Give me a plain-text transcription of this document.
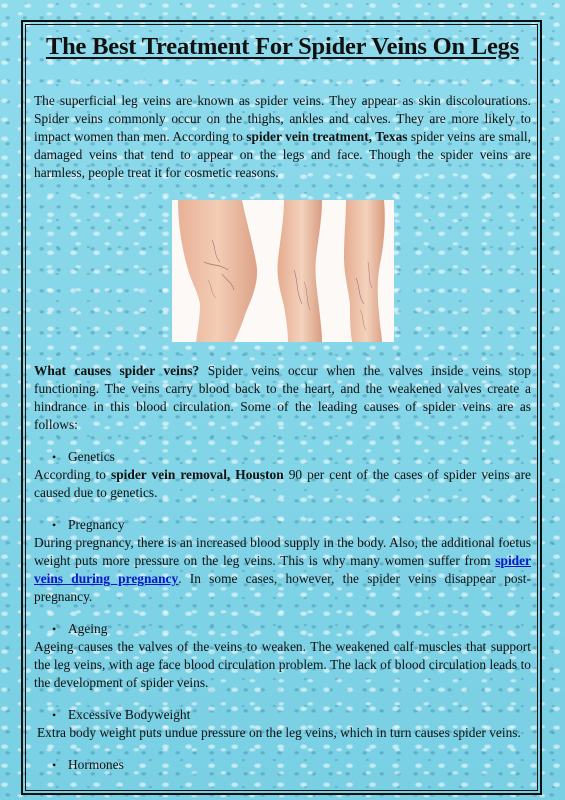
The Best Treatment For Spider Veins On Legs

The superficial leg veins are known as spider veins. They appear as skin discolourations. Spider veins commonly occur on the thighs, ankles and calves. They are more likely to impact women than men. According to spider vein treatment, Texas spider veins are small, damaged veins that tend to appear on the legs and face. Though the spider veins are harmless, people treat it for cosmetic reasons.

What causes spider veins? Spider veins occur when the valves inside veins stop functioning. The veins carry blood back to the heart, and the weakened valves create a hindrance in this blood circulation. Some of the leading causes of spider veins are as follows:

• Genetics

According to spider vein removal, Houston 90 per cent of the cases of spider veins are caused due to genetics.

• Pregnancy

During pregnancy, there is an increased blood supply in the body. Also, the additional foetus weight puts more pressure on the leg veins. This is why many women suffer from spider veins during pregnancy. In some cases, however, the spider veins disappear post-pregnancy.

• Ageing

Ageing causes the valves of the veins to weaken. The weakened calf muscles that support the leg veins, with age face blood circulation problem. The lack of blood circulation leads to the development of spider veins.

• Excessive Bodyweight

Extra body weight puts undue pressure on the leg veins, which in turn causes spider veins.

• Hormones
